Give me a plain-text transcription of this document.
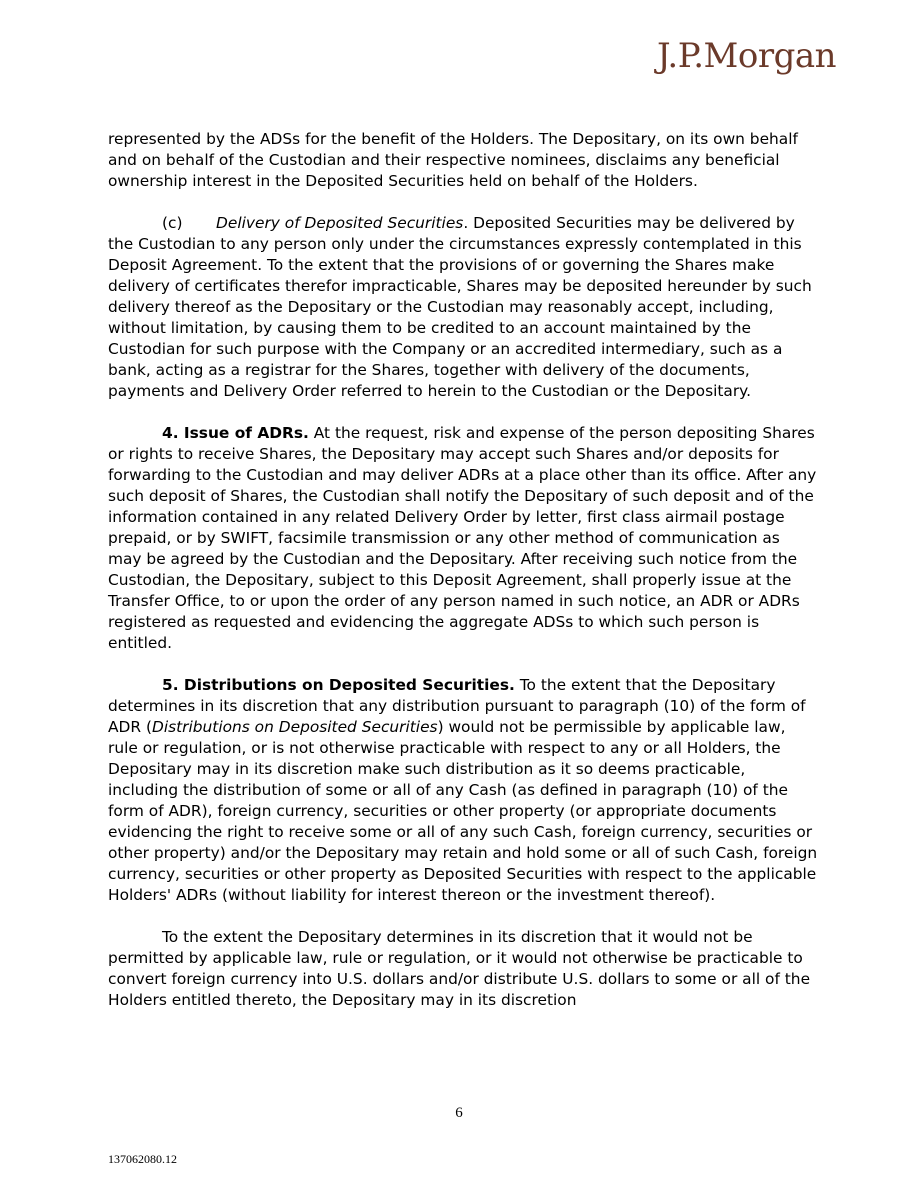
J.P.Morgan

represented by the ADSs for the benefit of the Holders. The Depositary, on its own behalf and on behalf of the Custodian and their respective nominees, disclaims any beneficial ownership interest in the Deposited Securities held on behalf of the Holders.

(c) Delivery of Deposited Securities. Deposited Securities may be delivered by the Custodian to any person only under the circumstances expressly contemplated in this Deposit Agreement. To the extent that the provisions of or governing the Shares make delivery of certificates therefor impracticable, Shares may be deposited hereunder by such delivery thereof as the Depositary or the Custodian may reasonably accept, including, without limitation, by causing them to be credited to an account maintained by the Custodian for such purpose with the Company or an accredited intermediary, such as a bank, acting as a registrar for the Shares, together with delivery of the documents, payments and Delivery Order referred to herein to the Custodian or the Depositary.

4. Issue of ADRs. At the request, risk and expense of the person depositing Shares or rights to receive Shares, the Depositary may accept such Shares and/or deposits for forwarding to the Custodian and may deliver ADRs at a place other than its office. After any such deposit of Shares, the Custodian shall notify the Depositary of such deposit and of the information contained in any related Delivery Order by letter, first class airmail postage prepaid, or by SWIFT, facsimile transmission or any other method of communication as may be agreed by the Custodian and the Depositary. After receiving such notice from the Custodian, the Depositary, subject to this Deposit Agreement, shall properly issue at the Transfer Office, to or upon the order of any person named in such notice, an ADR or ADRs registered as requested and evidencing the aggregate ADSs to which such person is entitled.

5. Distributions on Deposited Securities. To the extent that the Depositary determines in its discretion that any distribution pursuant to paragraph (10) of the form of ADR (Distributions on Deposited Securities) would not be permissible by applicable law, rule or regulation, or is not otherwise practicable with respect to any or all Holders, the Depositary may in its discretion make such distribution as it so deems practicable, including the distribution of some or all of any Cash (as defined in paragraph (10) of the form of ADR), foreign currency, securities or other property (or appropriate documents evidencing the right to receive some or all of any such Cash, foreign currency, securities or other property) and/or the Depositary may retain and hold some or all of such Cash, foreign currency, securities or other property as Deposited Securities with respect to the applicable Holders' ADRs (without liability for interest thereon or the investment thereof).

To the extent the Depositary determines in its discretion that it would not be permitted by applicable law, rule or regulation, or it would not otherwise be practicable to convert foreign currency into U.S. dollars and/or distribute U.S. dollars to some or all of the Holders entitled thereto, the Depositary may in its discretion

6
137062080.12
